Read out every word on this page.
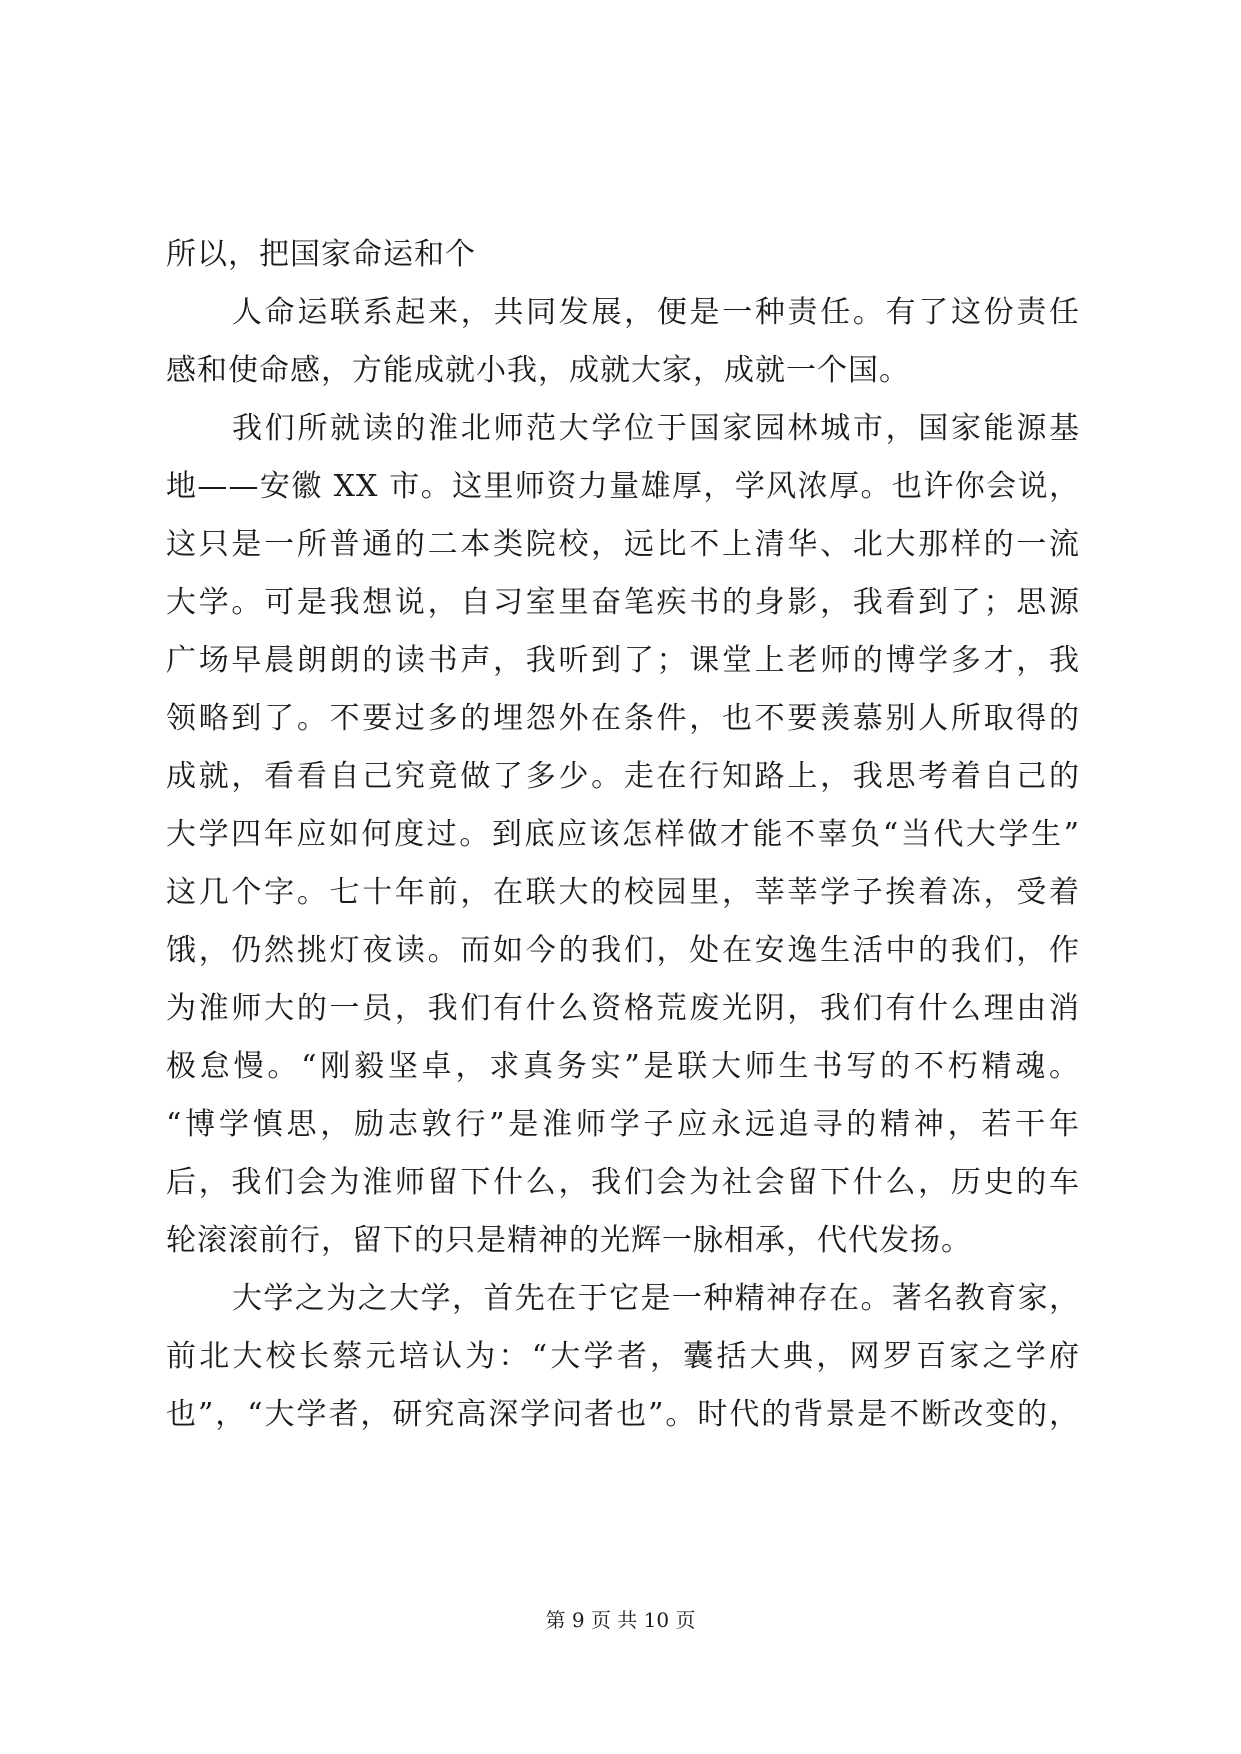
所以，把国家命运和个
人命运联系起来，共同发展，便是一种责任。有了这份责任
感和使命感，方能成就小我，成就大家，成就一个国。
我们所就读的淮北师范大学位于国家园林城市，国家能源基
地——安徽 XX 市。这里师资力量雄厚，学风浓厚。也许你会说，
这只是一所普通的二本类院校，远比不上清华、北大那样的一流
大学。可是我想说，自习室里奋笔疾书的身影，我看到了；思源
广场早晨朗朗的读书声，我听到了；课堂上老师的博学多才，我
领略到了。不要过多的埋怨外在条件，也不要羡慕别人所取得的
成就，看看自己究竟做了多少。走在行知路上，我思考着自己的
大学四年应如何度过。到底应该怎样做才能不辜负“当代大学生”
这几个字。七十年前，在联大的校园里，莘莘学子挨着冻，受着
饿，仍然挑灯夜读。而如今的我们，处在安逸生活中的我们，作
为淮师大的一员，我们有什么资格荒废光阴，我们有什么理由消
极怠慢。“刚毅坚卓，求真务实”是联大师生书写的不朽精魂。
“博学慎思，励志敦行”是淮师学子应永远追寻的精神，若干年
后，我们会为淮师留下什么，我们会为社会留下什么，历史的车
轮滚滚前行，留下的只是精神的光辉一脉相承，代代发扬。
大学之为之大学，首先在于它是一种精神存在。著名教育家，
前北大校长蔡元培认为：“大学者，囊括大典，网罗百家之学府
也”，“大学者，研究高深学问者也”。时代的背景是不断改变的，
第 9 页 共 10 页
